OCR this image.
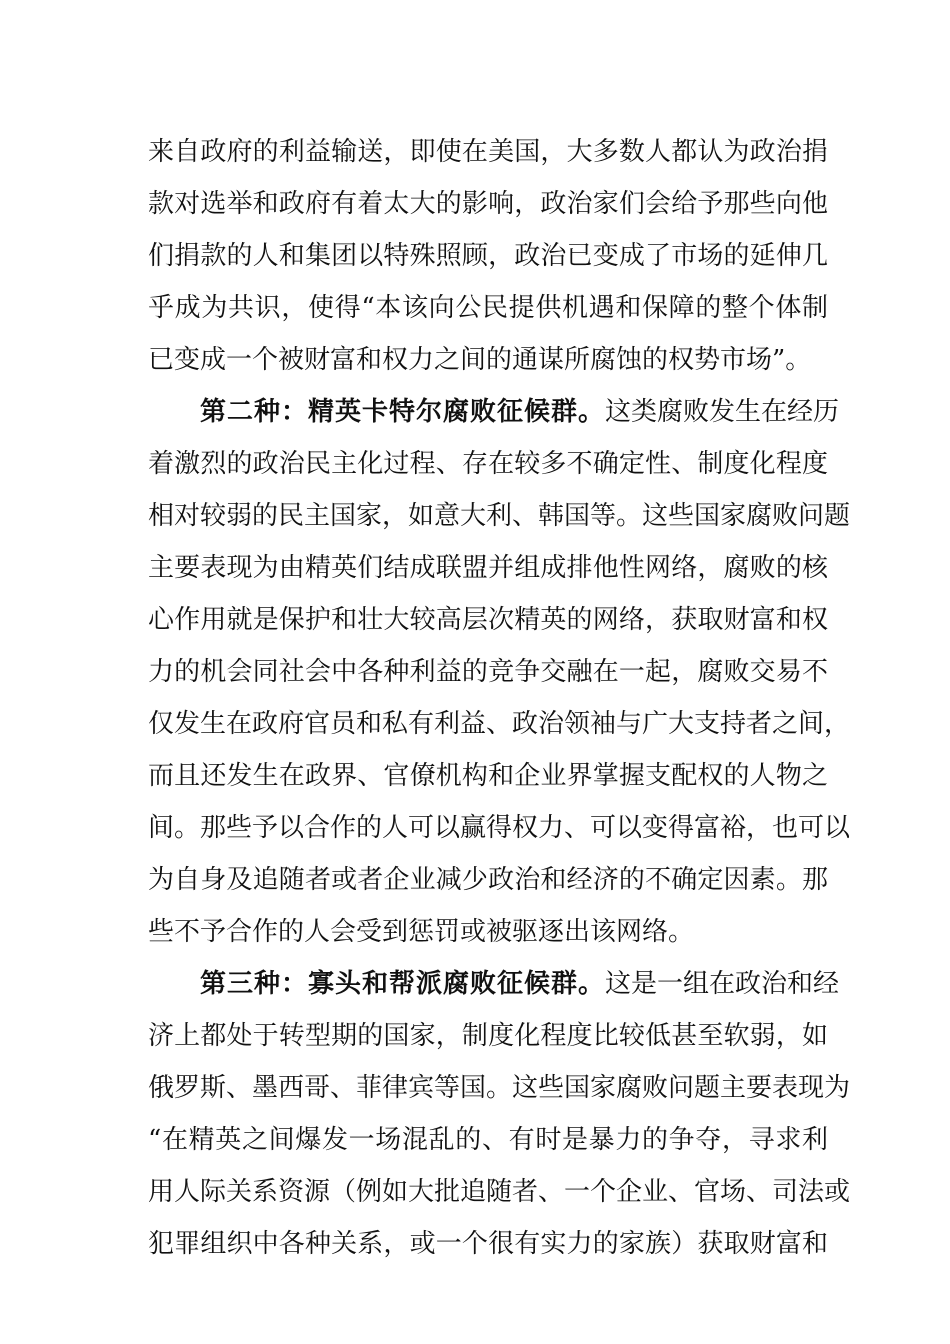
来自政府的利益输送，即使在美国，大多数人都认为政治捐
款对选举和政府有着太大的影响，政治家们会给予那些向他
们捐款的人和集团以特殊照顾，政治已变成了市场的延伸几
乎成为共识，使得“本该向公民提供机遇和保障的整个体制
已变成一个被财富和权力之间的通谋所腐蚀的权势市场”。
第二种：精英卡特尔腐败征候群。这类腐败发生在经历
着激烈的政治民主化过程、存在较多不确定性、制度化程度
相对较弱的民主国家，如意大利、韩国等。这些国家腐败问题
主要表现为由精英们结成联盟并组成排他性网络，腐败的核
心作用就是保护和壮大较高层次精英的网络，获取财富和权
力的机会同社会中各种利益的竞争交融在一起，腐败交易不
仅发生在政府官员和私有利益、政治领袖与广大支持者之间，
而且还发生在政界、官僚机构和企业界掌握支配权的人物之
间。那些予以合作的人可以赢得权力、可以变得富裕，也可以
为自身及追随者或者企业减少政治和经济的不确定因素。那
些不予合作的人会受到惩罚或被驱逐出该网络。
第三种：寡头和帮派腐败征候群。这是一组在政治和经
济上都处于转型期的国家，制度化程度比较低甚至软弱，如
俄罗斯、墨西哥、菲律宾等国。这些国家腐败问题主要表现为
“在精英之间爆发一场混乱的、有时是暴力的争夺，寻求利
用人际关系资源（例如大批追随者、一个企业、官场、司法或
犯罪组织中各种关系，或一个很有实力的家族）获取财富和
